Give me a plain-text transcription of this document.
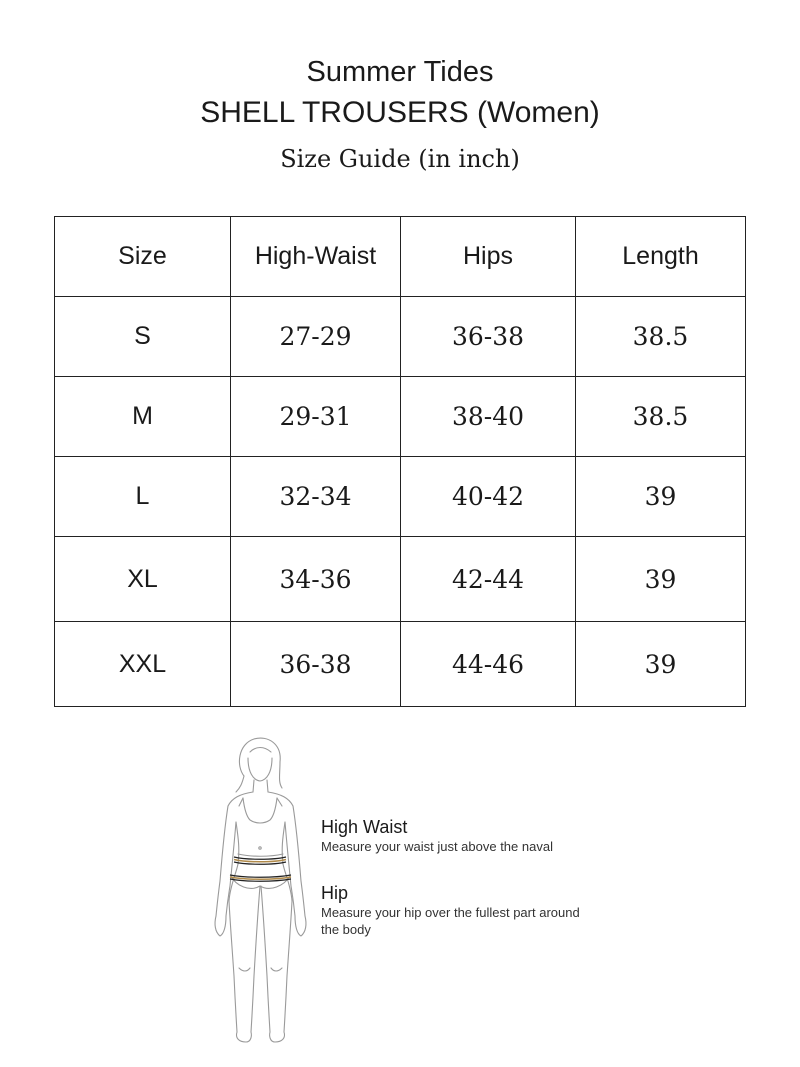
Summer Tides
SHELL TROUSERS (Women)
Size Guide (in inch)
Size	High-Waist	Hips	Length
S	27-29	36-38	38.5
M	29-31	38-40	38.5
L	32-34	40-42	39
XL	34-36	42-44	39
XXL	36-38	44-46	39
High Waist
Measure your waist just above the naval
Hip
Measure your hip over the fullest part around the body
